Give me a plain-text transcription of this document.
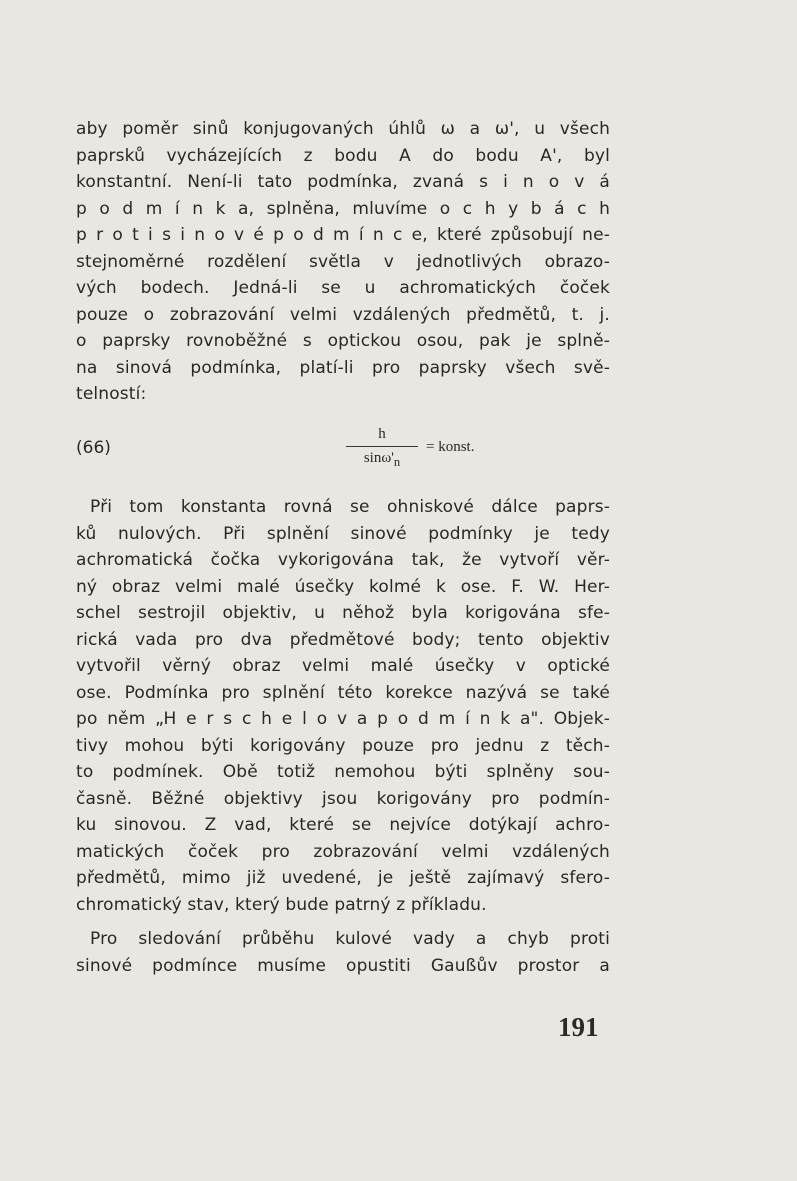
aby poměr sinů konjugovaných úhlů ω a ω', u všech
paprsků vycházejících z bodu A do bodu A', byl
konstantní. Není-li tato podmínka, zvaná s i n o v á
p o d m í n k a, splněna, mluvíme o c h y b á c h
p r o t i s i n o v é p o d m í n c e, které způsobují ne-
stejnoměrné rozdělení světla v jednotlivých obrazo-
vých bodech. Jedná-li se u achromatických čoček
pouze o zobrazování velmi vzdálených předmětů, t. j.
o paprsky rovnoběžné s optickou osou, pak je splně-
na sinová podmínka, platí-li pro paprsky všech svě-
telností:

(66)
h
$\sin\omega'_n$
= konst.

Při tom konstanta rovná se ohniskové dálce paprs-
ků nulových. Při splnění sinové podmínky je tedy
achromatická čočka vykorigována tak, že vytvoří věr-
ný obraz velmi malé úsečky kolmé k ose. F. W. Her-
schel sestrojil objektiv, u něhož byla korigována sfe-
rická vada pro dva předmětové body; tento objektiv
vytvořil věrný obraz velmi malé úsečky v optické
ose. Podmínka pro splnění této korekce nazývá se také
po něm „H e r s c h e l o v a p o d m í n k a". Objek-
tivy mohou býti korigovány pouze pro jednu z těch-
to podmínek. Obě totiž nemohou býti splněny sou-
časně. Běžné objektivy jsou korigovány pro podmín-
ku sinovou. Z vad, které se nejvíce dotýkají achro-
matických čoček pro zobrazování velmi vzdálených
předmětů, mimo již uvedené, je ještě zajímavý sfero-
chromatický stav, který bude patrný z příkladu.

Pro sledování průběhu kulové vady a chyb proti
sinové podmínce musíme opustiti Gaußův prostor a

191
